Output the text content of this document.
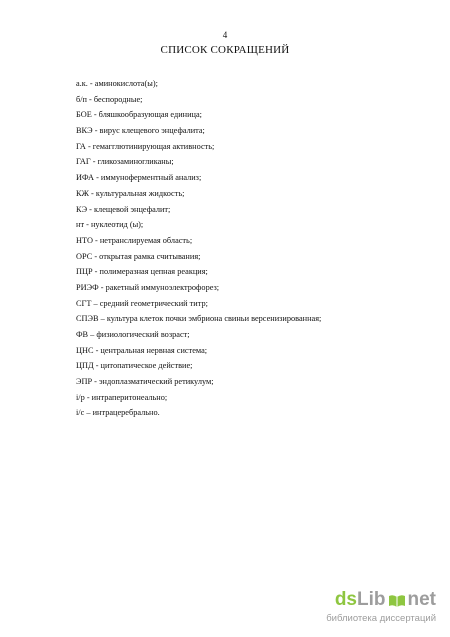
4
СПИСОК СОКРАЩЕНИЙ
а.к. - аминокислота(ы);
б/п - беспородные;
БОЕ - бляшкообразующая единица;
ВКЭ - вирус клещевого энцефалита;
ГА - гемагглютинирующая активность;
ГАГ - гликозаминогликаны;
ИФА - иммуноферментный анализ;
КЖ - культуральная жидкость;
КЭ - клещевой энцефалит;
нт - нуклеотид (ы);
НТО - нетранслируемая область;
ОРС - открытая рамка считывания;
ПЦР - полимеразная цепная реакция;
РИЭФ - ракетный иммуноэлектрофорез;
СГТ – средний геометрический титр;
СПЭВ – культура клеток почки эмбриона свиньи версенизированная;
ФВ – физиологический возраст;
ЦНС - центральная нервная система;
ЦПД - цитопатическое действие;
ЭПР - эндоплазматический ретикулум;
i/p - интраперитонеально;
i/c – интрацеребрально.
ds Lib net
библиотека диссертаций
